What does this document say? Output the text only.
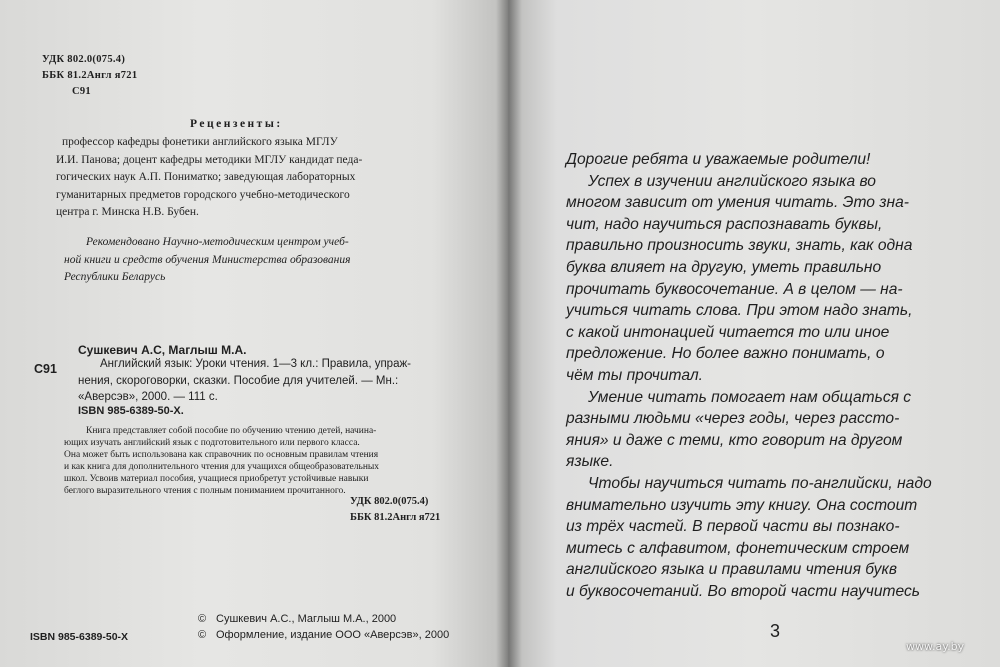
УДК 802.0(075.4)
ББК 81.2Англ я721
С91
Рецензенты:
профессор кафедры фонетики английского языка МГЛУ
И.И. Панова; доцент кафедры методики МГЛУ кандидат педа-
гогических наук А.П. Пониматко; заведующая лабораторных
гуманитарных предметов городского учебно-методического
центра г. Минска Н.В. Бубен.
Рекомендовано Научно-методическим центром учеб-
ной книги и средств обучения Министерства образования
Республики Беларусь
Сушкевич А.С, Маглыш М.А.
С91	Английский язык: Уроки чтения. 1—3 кл.: Правила, упраж-
нения, скороговорки, сказки. Пособие для учителей. — Мн.:
«Аверсэв», 2000. — 111 с.
ISBN 985-6389-50-X.
Книга представляет собой пособие по обучению чтению детей, начина-
ющих изучать английский язык с подготовительного или первого класса.
Она может быть использована как справочник по основным правилам чтения
и как книга для дополнительного чтения для учащихся общеобразовательных
школ. Усвоив материал пособия, учащиеся приобретут устойчивые навыки
беглого выразительного чтения с полным пониманием прочитанного.
УДК 802.0(075.4)
ББК 81.2Англ я721
© Сушкевич А.С., Маглыш М.А., 2000
© Оформление, издание ООО «Аверсэв», 2000
ISBN 985-6389-50-X

Дорогие ребята и уважаемые родители!

Успех в изучении английского языка во

многом зависит от умения читать. Это зна-

чит, надо научиться распознавать буквы,

правильно произносить звуки, знать, как одна

буква влияет на другую, уметь правильно

прочитать буквосочетание. А в целом — на-

учиться читать слова. При этом надо знать,

с какой интонацией читается то или иное

предложение. Но более важно понимать, о

чём ты прочитал.

Умение читать помогает нам общаться с

разными людьми «через годы, через рассто-

яния» и даже с теми, кто говорит на другом

языке.

Чтобы научиться читать по-английски, надо

внимательно изучить эту книгу. Она состоит

из трёх частей. В первой части вы познако-

митесь с алфавитом, фонетическим строем

английского языка и правилами чтения букв

и буквосочетаний. Во второй части научитесь

3
www.ay.by
